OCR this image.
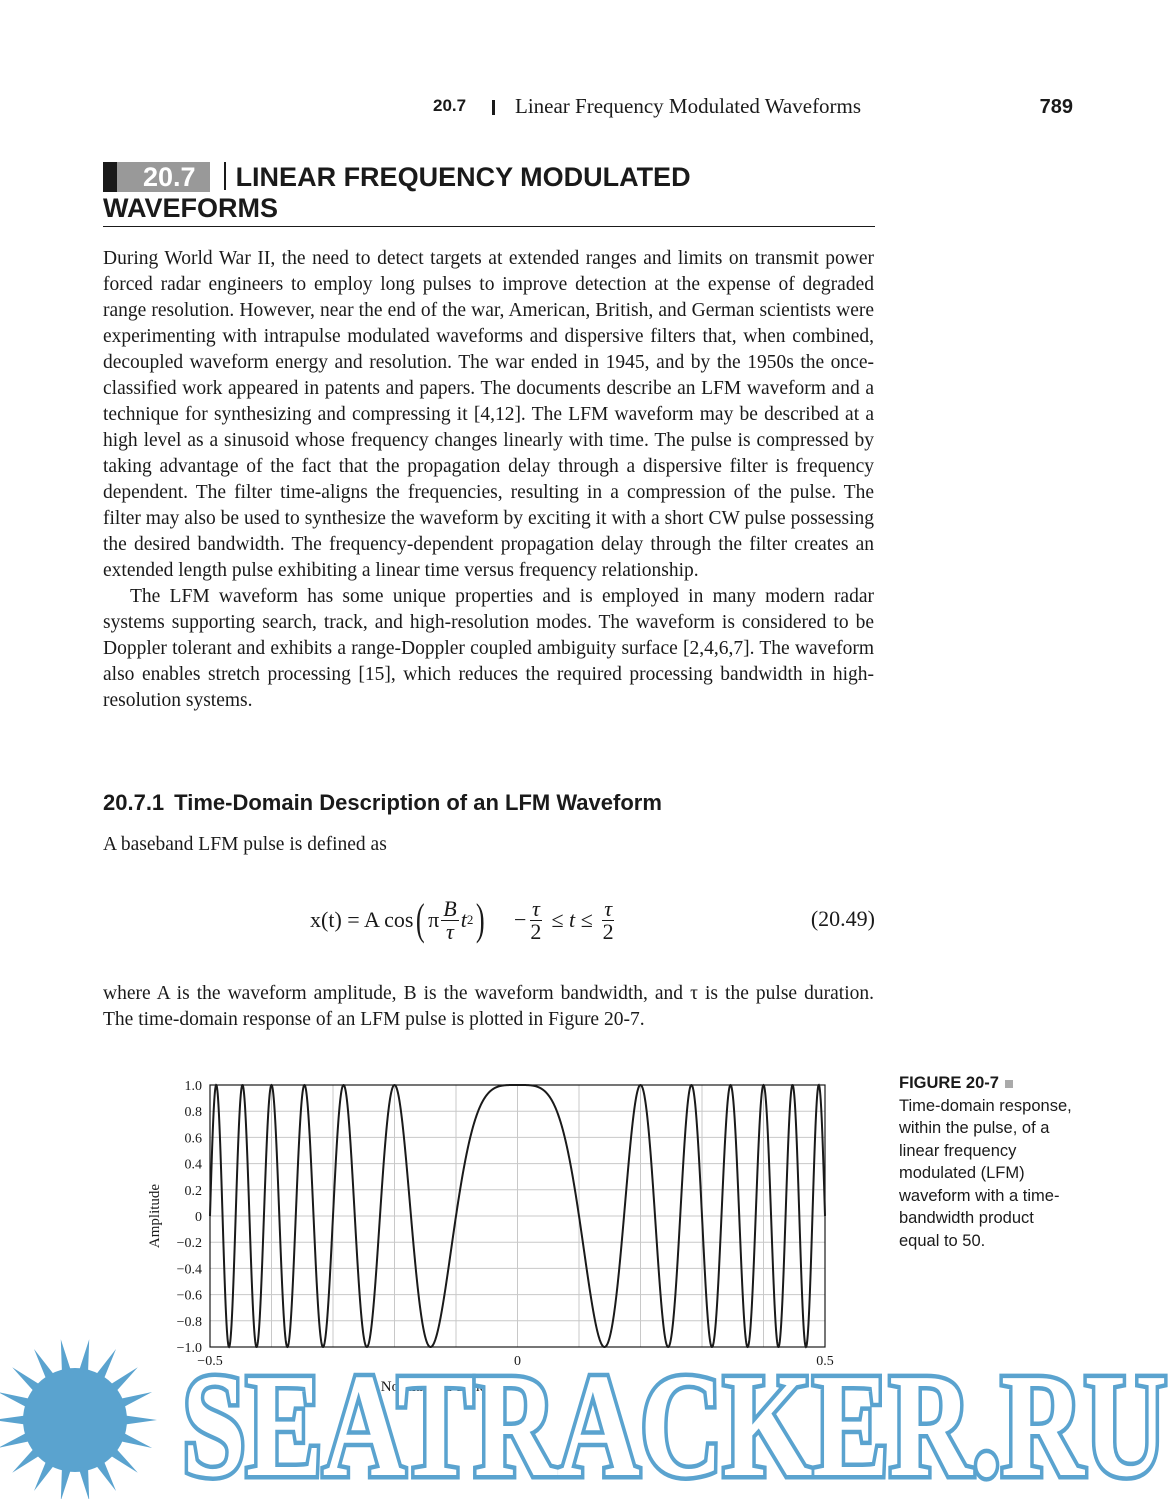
20.7 Linear Frequency Modulated Waveforms	789
20.7 LINEAR FREQUENCY MODULATED
WAVEFORMS

During World War II, the need to detect targets at extended ranges and limits on transmit power forced radar engineers to employ long pulses to improve detection at the expense of degraded range resolution. However, near the end of the war, American, British, and German scientists were experimenting with intrapulse modulated waveforms and dispersive filters that, when combined, decoupled waveform energy and resolution. The war ended in 1945, and by the 1950s the once-classified work appeared in patents and papers. The documents describe an LFM waveform and a technique for synthesizing and compressing it [4,12]. The LFM waveform may be described at a high level as a sinusoid whose frequency changes linearly with time. The pulse is compressed by taking advantage of the fact that the propagation delay through a dispersive filter is frequency dependent. The filter time-aligns the frequencies, resulting in a compression of the pulse. The filter may also be used to synthesize the waveform by exciting it with a short CW pulse possessing the desired bandwidth. The frequency-dependent propagation delay through the filter creates an extended length pulse exhibiting a linear time versus frequency relationship.

The LFM waveform has some unique properties and is employed in many modern radar systems supporting search, track, and high-resolution modes. The waveform is considered to be Doppler tolerant and exhibits a range-Doppler coupled ambiguity surface [2,4,6,7]. The waveform also enables stretch processing [15], which reduces the required processing bandwidth in high-resolution systems.

20.7.1 Time-Domain Description of an LFM Waveform
A baseband LFM pulse is defined as
x(t) = A cos ( π $\frac{B}{\tau}$ t 2 ) − $\frac{\tau}{2} \le t \le \frac{\tau}{2}$	(20.49)
where A is the waveform amplitude, B is the waveform bandwidth, and τ is the pulse duration. The time-domain response of an LFM pulse is plotted in Figure 20-7.
1.0
0.8
0.6
0.4
0.2
0
−0.2
−0.4
−0.6
−0.8
−1.0
−0.5	0	0.5
Normalized Time t/τ
Amplitude
FIGURE 20-7
Time-domain response, within the pulse, of a linear frequency modulated (LFM) waveform with a time-bandwidth product equal to 50.
SEATRACKER.RU
